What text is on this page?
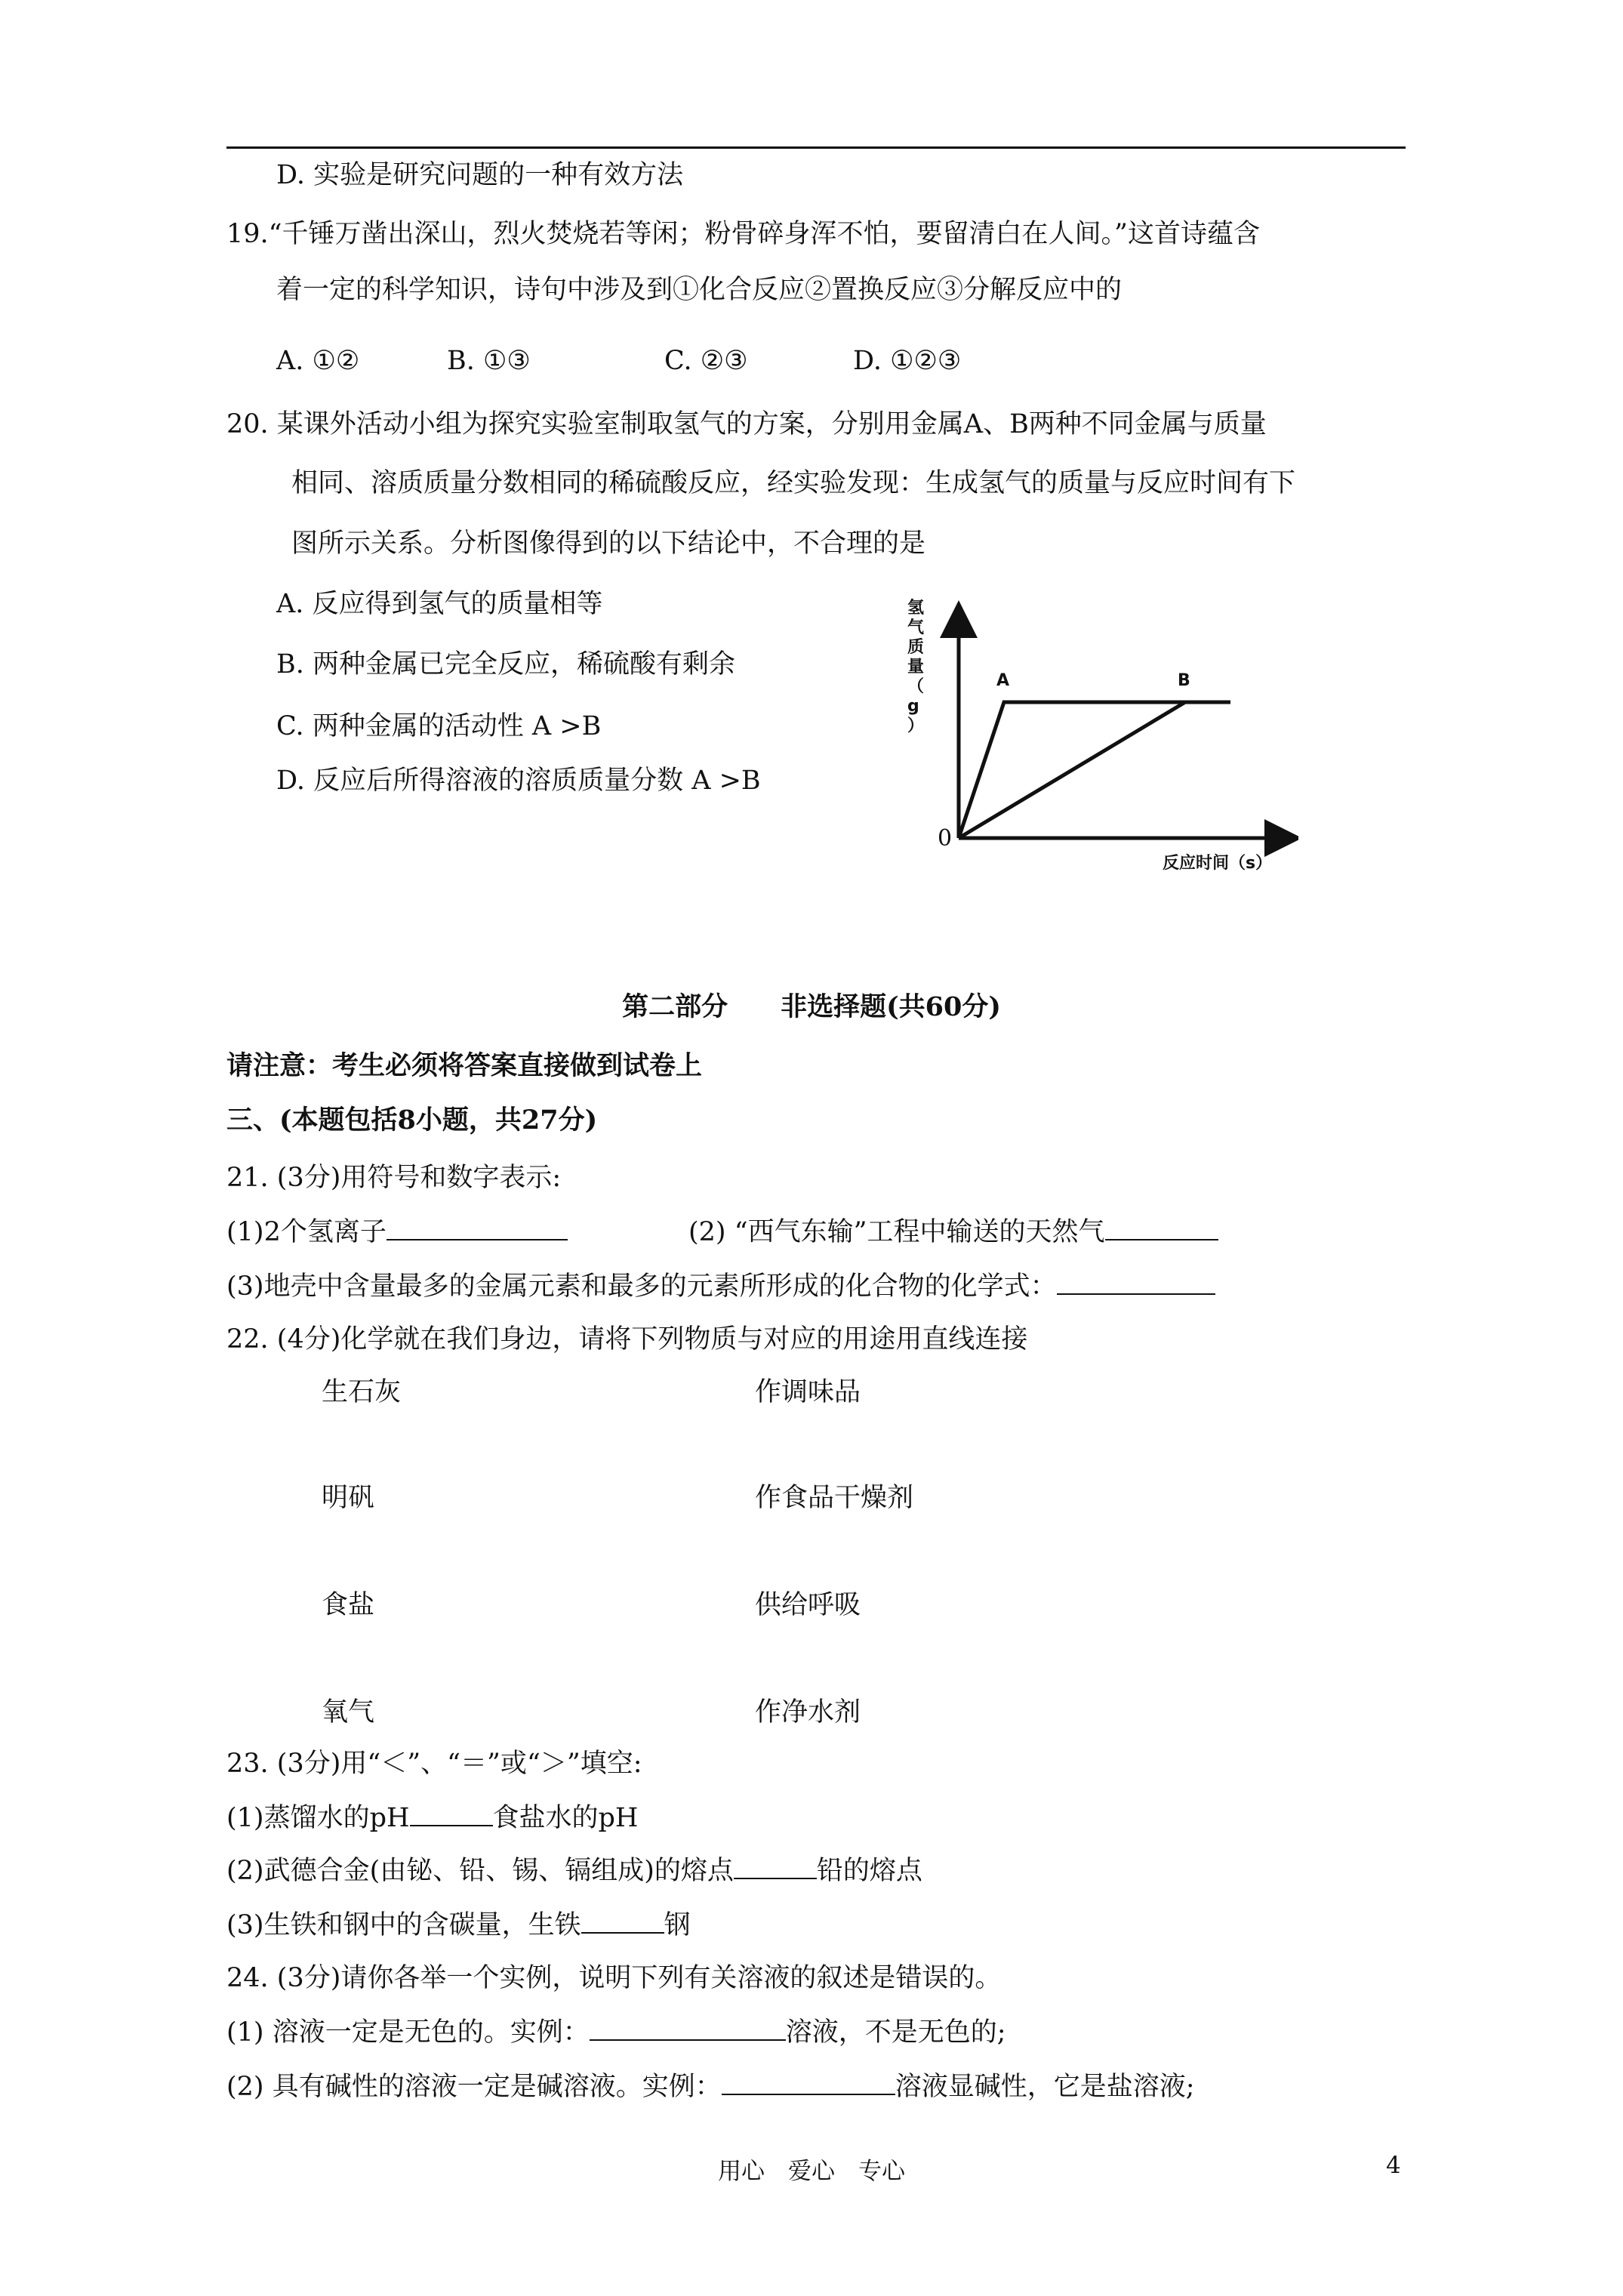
D. 实验是研究问题的一种有效方法
19.“千锤万凿出深山，烈火焚烧若等闲；粉骨碎身浑不怕，要留清白在人间。”这首诗蕴含
着一定的科学知识，诗句中涉及到①化合反应②置换反应③分解反应中的
A. ①②	B. ①③	C. ②③	D. ①②③
20. 某课外活动小组为探究实验室制取氢气的方案，分别用金属A、B两种不同金属与质量
相同、溶质质量分数相同的稀硫酸反应，经实验发现：生成氢气的质量与反应时间有下
图所示关系。分析图像得到的以下结论中，不合理的是
A. 反应得到氢气的质量相等
B. 两种金属已完全反应，稀硫酸有剩余
C. 两种金属的活动性 A >B
D. 反应后所得溶液的溶质质量分数 A >B
氢气质量（ g ）
0
反应时间（s）
A	B
第二部分　　非选择题(共60分)
请注意：考生必须将答案直接做到试卷上
三、(本题包括8小题，共27分)
21. (3分)用符号和数字表示:
(1)2个氢离子	(2) “西气东输”工程中输送的天然气
(3)地壳中含量最多的金属元素和最多的元素所形成的化合物的化学式：
22. (4分)化学就在我们身边，请将下列物质与对应的用途用直线连接
生石灰	作调味品
明矾	作食品干燥剂
食盐	供给呼吸
氧气	作净水剂
23. (3分)用“＜”、“＝”或“＞”填空:
(1)蒸馏水的pH	食盐水的pH
(2)武德合金(由铋、铅、锡、镉组成)的熔点	铅的熔点
(3)生铁和钢中的含碳量，生铁	钢
24. (3分)请你各举一个实例，说明下列有关溶液的叙述是错误的。
(1) 溶液一定是无色的。实例：	溶液，不是无色的;
(2) 具有碱性的溶液一定是碱溶液。实例：	溶液显碱性，它是盐溶液;
用心　爱心　专心	4
